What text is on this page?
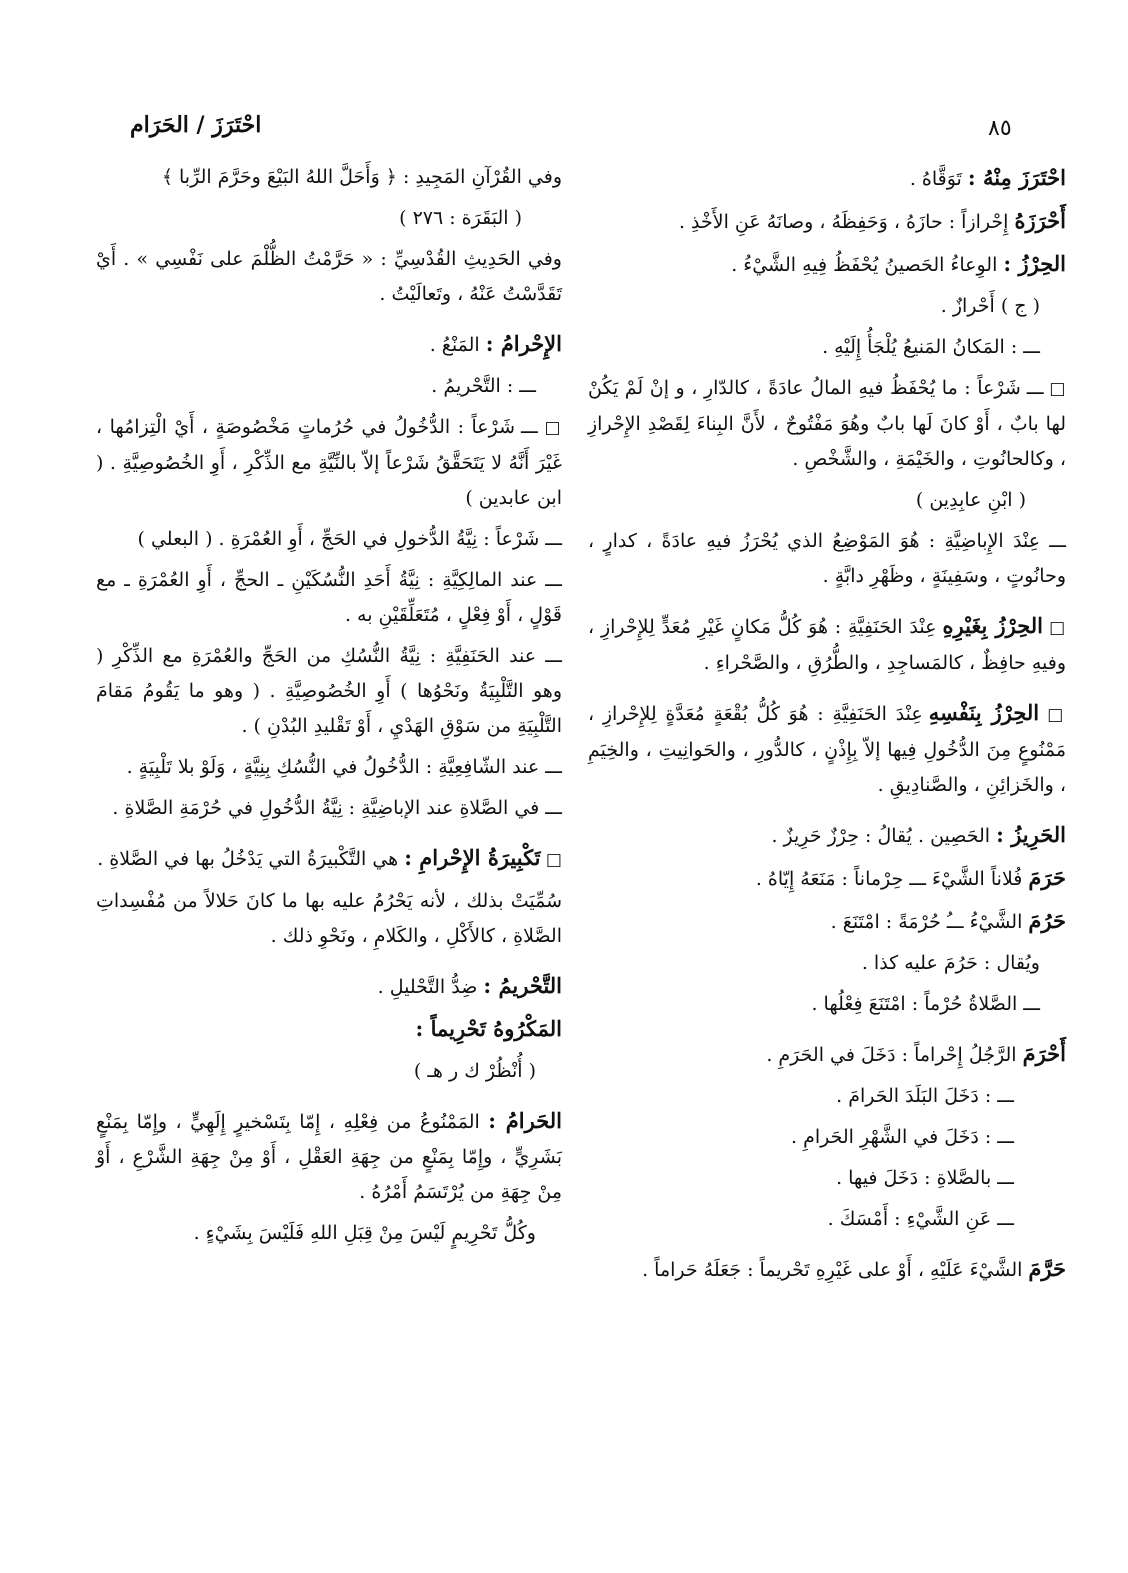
٨٥
احْتَرَزَ / الحَرَام
احْتَرَزَ مِنْهُ : تَوَقَّاهُ .
أَحْرَزَهُ إِحْرازاً : حازَهُ ، وَحَفِظَهُ ، وصانَهُ عَنِ الأَخْذِ .
الحِرْزُ : الوِعاءُ الحَصينُ يُحْفَظُ فِيهِ الشَّيْءُ .
( ج ) أَحْرازٌ .
ـــ : المَكانُ المَنيعُ يُلْجَأُ إِلَيْهِ .
□ ـــ شَرْعاً : ما يُحْفَظُ فيهِ المالُ عادَةً ، كالدّارِ ، و إنْ لَمْ يَكُنْ لها بابٌ ، أَوْ كانَ لَها بابٌ وهُوَ مَفْتُوحٌ ، لأَنَّ البِناءَ لِقَصْدِ الإِحْرازِ ، وكالحانُوتِ ، والخَيْمَةِ ، والشَّخْصِ .
( ابْنِ عابِدِين )
ـــ عِنْدَ الإِباضِيَّةِ : هُوَ المَوْضِعُ الذي يُحْرَزُ فيهِ عادَةً ، كدارٍ ، وحانُوتٍ ، وسَفِينَةٍ ، وظَهْرِ دابَّةٍ .
□ الحِرْزُ بِغَيْرِهِ عِنْدَ الحَنَفِيَّةِ : هُوَ كُلُّ مَكانٍ غَيْرِ مُعَدٍّ لِلإِحْرازِ ، وفيهِ حافِظٌ ، كالمَساجِدِ ، والطُّرُقِ ، والصَّحْراءِ .
□ الحِرْزُ بِنَفْسِهِ عِنْدَ الحَنَفِيَّةِ : هُوَ كُلُّ بُقْعَةٍ مُعَدَّةٍ لِلإِحْرازِ ، مَمْنُوعٍ مِنَ الدُّخُولِ فِيها إلاّ بِإِذْنٍ ، كالدُّورِ ، والحَوانِيتِ ، والخِيَمِ ، والخَزائِنِ ، والصَّنادِيقِ .
الحَرِيزُ : الحَصِين . يُقالُ : حِرْزٌ حَرِيزٌ .
حَرَمَ فُلاناً الشَّيْءَ ـــ حِرْماناً : مَنَعَهُ إِيّاهُ .
حَرُمَ الشَّيْءُ ـــُ حُرْمَةً : امْتَنَعَ .
ويُقال : حَرُمَ عليه كذا .
ـــ الصَّلاةُ حُرْماً : امْتَنَعَ فِعْلُها .
أَحْرَمَ الرَّجُلُ إِحْراماً : دَخَلَ في الحَرَمِ .
ـــ : دَخَلَ البَلَدَ الحَرامَ .
ـــ : دَخَلَ في الشَّهْرِ الحَرامِ .
ـــ بالصَّلاةِ : دَخَلَ فيها .
ـــ عَنِ الشَّيْءِ : أَمْسَكَ .
حَرَّمَ الشَّيْءَ عَلَيْهِ ، أَوْ على غَيْرِهِ تَحْريماً : جَعَلَهُ حَراماً .
وفي القُرْآنِ المَجِيدِ : ﴿ وَأَحَلَّ اللهُ البَيْعَ وحَرَّمَ الرِّبا ﴾
( البَقَرَة : ٢٧٦ )
وفي الحَدِيثِ القُدْسِيِّ : « حَرَّمْتُ الظُّلْمَ على نَفْسِي » . أَيْ تَقَدَّسْتُ عَنْهُ ، وتَعالَيْتُ .
الإِحْرامُ : المَنْعُ .
ـــ : التَّحْريمُ .
□ ـــ شَرْعاً : الدُّخُولُ في حُرُماتٍ مَخْصُوصَةٍ ، أَيْ الْتِزامُها ، غَيْرَ أَنَّهُ لا يَتَحَقَّقُ شَرْعاً إلاّ بالنِّيَّةِ مع الذِّكْرِ ، أَوِ الخُصُوصِيَّةِ . ( ابن عابدين )
ـــ شَرْعاً : نِيَّةُ الدُّخولِ في الحَجِّ ، أَوِ العُمْرَةِ . ( البعلي )
ـــ عند المالِكِيَّةِ : نِيَّةُ أَحَدِ النُّسُكَيْنِ ـ الحجِّ ، أَوِ العُمْرَةِ ـ مع قَوْلٍ ، أَوْ فِعْلٍ ، مُتَعَلِّقَيْنِ به .
ـــ عند الحَنَفِيَّةِ : نِيَّةُ النُّسُكِ من الحَجِّ والعُمْرَةِ مع الذِّكْرِ ( وهو التَّلْبِيَةُ ونَحْوُها ) أَوِ الخُصُوصِيَّةِ . ( وهو ما يَقُومُ مَقامَ التَّلْبِيَةِ من سَوْقِ الهَدْيِ ، أَوْ تَقْليدِ البُدْنِ ) .
ـــ عند الشّافِعِيَّةِ : الدُّخُولُ في النُّسُكِ بِنِيَّةٍ ، وَلَوْ بلا تَلْبِيَةٍ .
ـــ في الصَّلاةِ عند الإباضِيَّةِ : نِيَّةُ الدُّخُولِ في حُرْمَةِ الصَّلاةِ .
□ تَكْبِيرَةُ الإِحْرامِ : هي التَّكْبيرَةُ التي يَدْخُلُ بها في الصَّلاةِ .
سُمِّيَتْ بذلك ، لأنه يَحْرُمُ عليه بها ما كانَ حَلالاً من مُفْسِداتِ الصَّلاةِ ، كالأَكْلِ ، والكَلامِ ، ونَحْوِ ذلك .
التَّحْريمُ : ضِدُّ التَّحْليلِ .
المَكْرُوهُ تَحْرِيماً :
( أُنْظُرْ ك ر هـ )
الحَرامُ : المَمْنُوعُ من فِعْلِهِ ، إِمّا بِتَسْخيرٍ إِلَهِيٍّ ، وإِمّا بِمَنْعٍ بَشَرِيٍّ ، وإِمّا بِمَنْعٍ من جِهَةِ العَقْلِ ، أَوْ مِنْ جِهَةِ الشَّرْعِ ، أَوْ مِنْ جِهَةِ من يُرْتَسَمُ أَمْرُهُ .
وكُلُّ تَحْرِيمٍ لَيْسَ مِنْ قِبَلِ اللهِ فَلَيْسَ بِشَيْءٍ .
